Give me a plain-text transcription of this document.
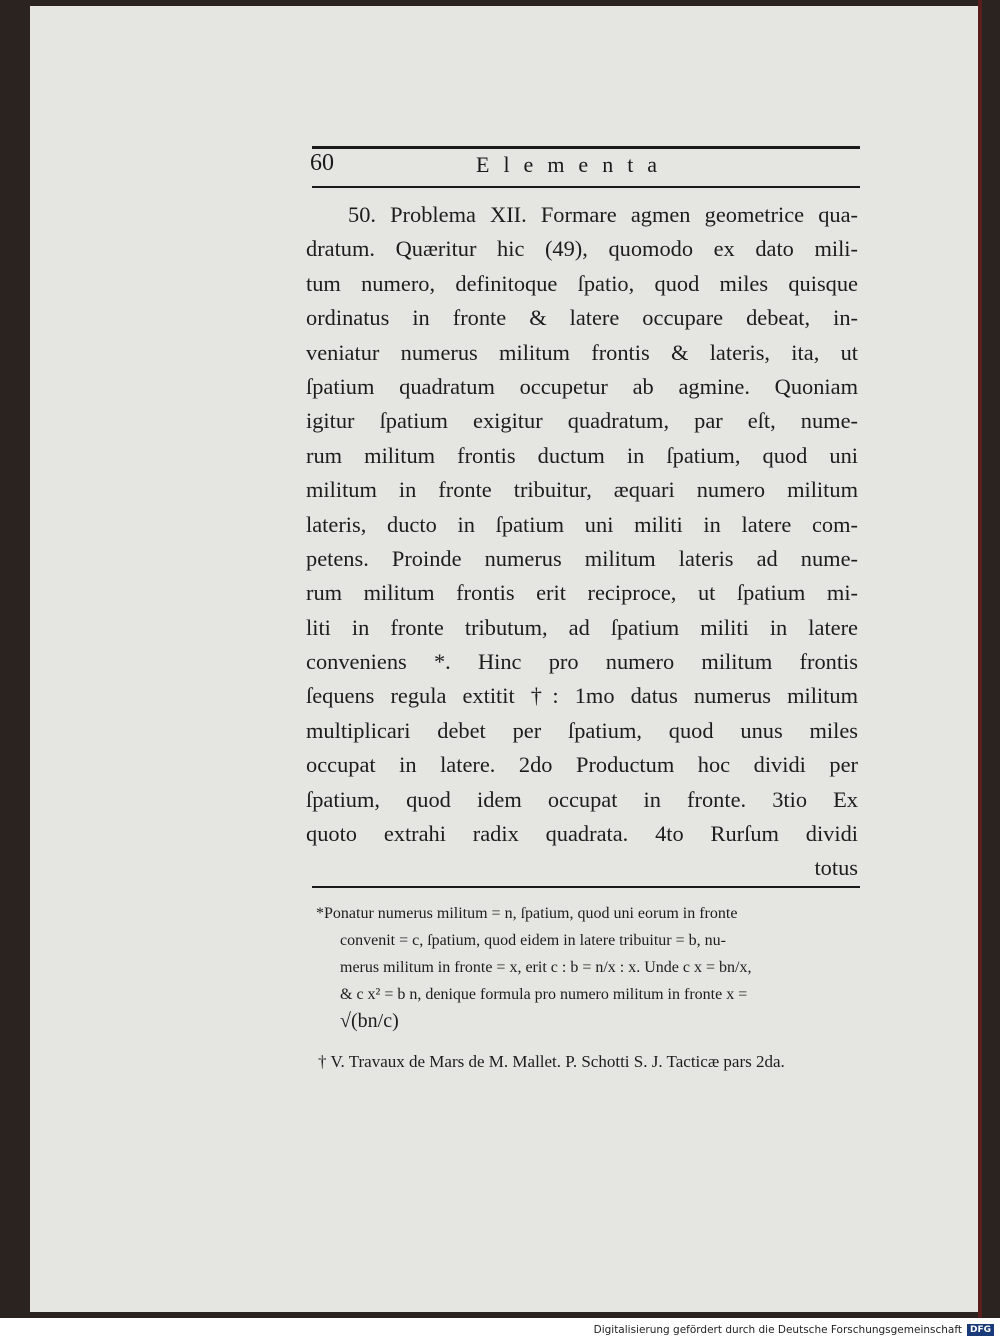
60	Elementa
50. Problema XII. Formare agmen geometrice qua-
dratum. Quæritur hic (49), quomodo ex dato mili-
tum numero, definitoque ſpatio, quod miles quisque
ordinatus in fronte & latere occupare debeat, in-
veniatur numerus militum frontis & lateris, ita, ut
ſpatium quadratum occupetur ab agmine. Quoniam
igitur ſpatium exigitur quadratum, par eſt, nume-
rum militum frontis ductum in ſpatium, quod uni
militum in fronte tribuitur, æquari numero militum
lateris, ducto in ſpatium uni militi in latere com-
petens. Proinde numerus militum lateris ad nume-
rum militum frontis erit reciproce, ut ſpatium mi-
liti in fronte tributum, ad ſpatium militi in latere
conveniens *. Hinc pro numero militum frontis
ſequens regula extitit †: 1mo datus numerus militum
multiplicari debet per ſpatium, quod unus miles
occupat in latere. 2do Productum hoc dividi per
ſpatium, quod idem occupat in fronte. 3tio Ex
quoto extrahi radix quadrata. 4to Rurſum dividi
totus
*Ponatur numerus militum = n, ſpatium, quod uni eorum in fronte
convenit = c, ſpatium, quod eidem in latere tribuitur = b, nu-
merus militum in fronte = x, erit c : b = n/x : x. Unde c x = bn/x,
& c x² = b n, denique formula pro numero militum in fronte x =
√(bn/c)
† V. Travaux de Mars de M. Mallet. P. Schotti S. J. Tacticæ pars 2da.
Digitalisierung gefördert durch die Deutsche Forschungsgemeinschaft DFG
